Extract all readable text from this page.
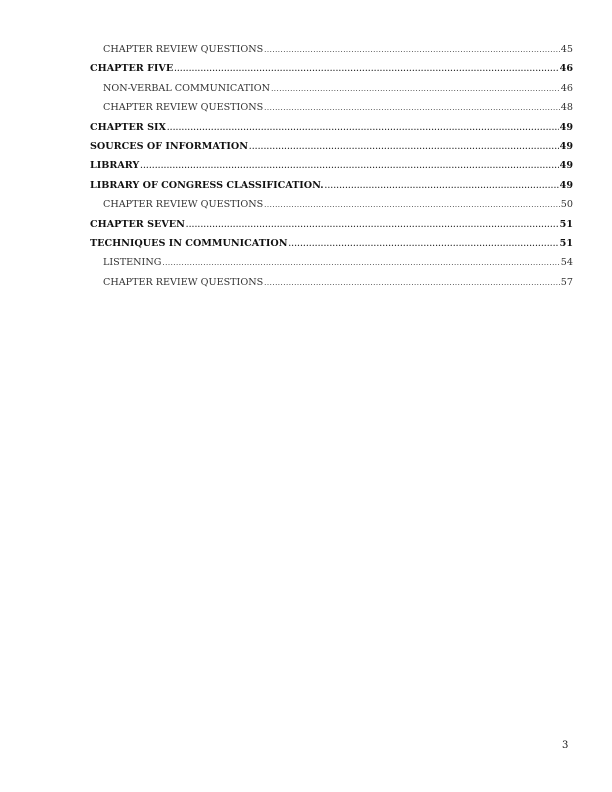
CHAPTER REVIEW QUESTIONS .....	45
CHAPTER FIVE .....	46
NON-VERBAL COMMUNICATION .....	46
CHAPTER REVIEW QUESTIONS .....	48
CHAPTER SIX .....	49
SOURCES OF INFORMATION .....	49
LIBRARY .....	49
LIBRARY OF CONGRESS CLASSIFICATION. .....	49
CHAPTER REVIEW QUESTIONS .....	50
CHAPTER SEVEN .....	51
TECHNIQUES IN COMMUNICATION .....	51
LISTENING .....	54
CHAPTER REVIEW QUESTIONS .....	57
3
